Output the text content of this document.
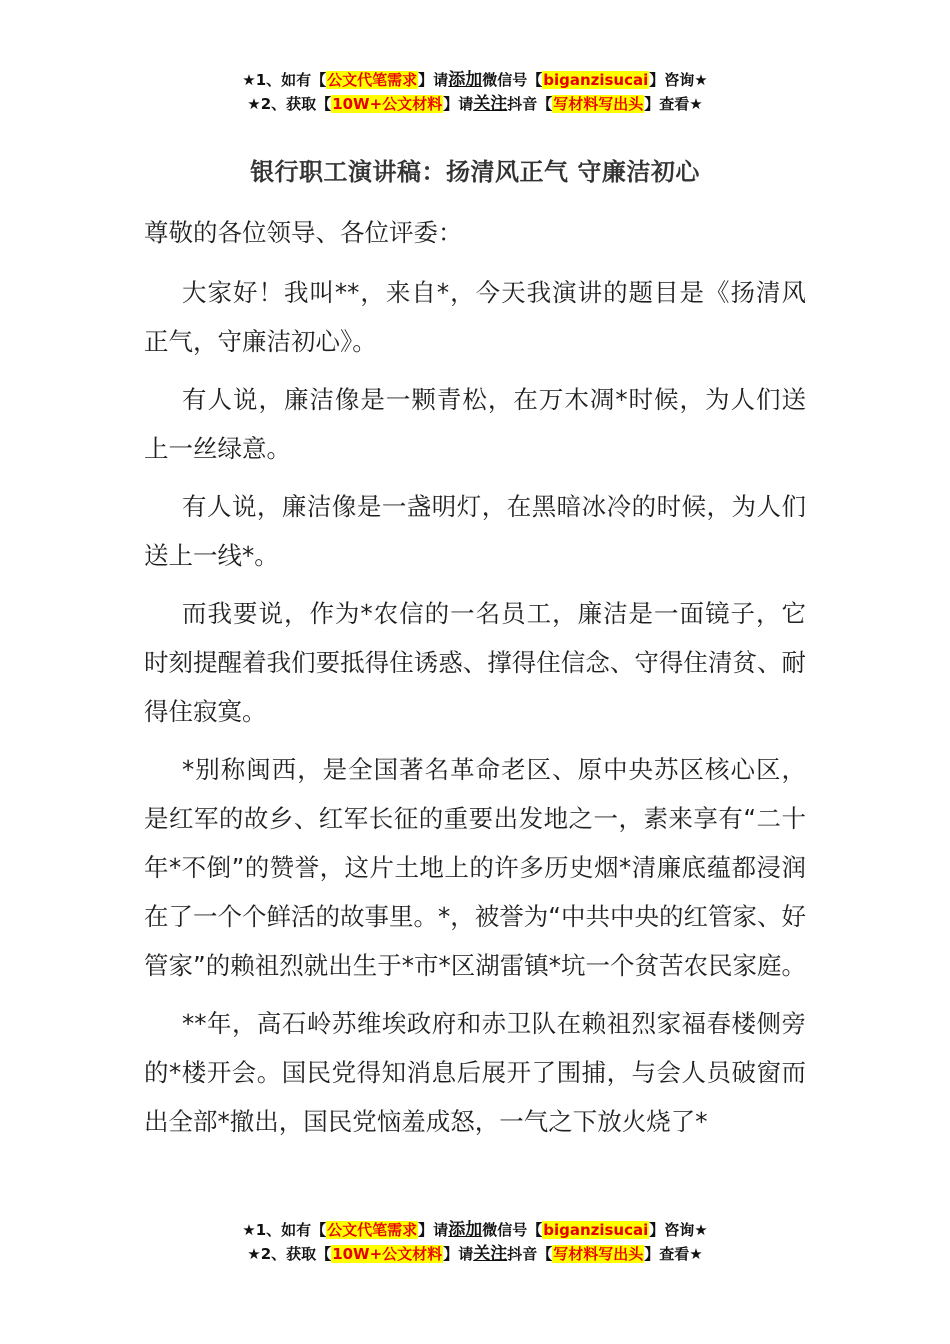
★1、如有【公文代笔需求】请添加微信号【biganzisucai】咨询★
★2、获取【10W+公文材料】请关注抖音【写材料写出头】查看★
银行职工演讲稿：扬清风正气 守廉洁初心

尊敬的各位领导、各位评委：

大家好！我叫**，来自*，今天我演讲的题目是《扬清风正气，守廉洁初心》。

有人说，廉洁像是一颗青松，在万木凋*时候，为人们送上一丝绿意。

有人说，廉洁像是一盏明灯，在黑暗冰冷的时候，为人们送上一线*。

而我要说，作为*农信的一名员工，廉洁是一面镜子，它时刻提醒着我们要抵得住诱惑、撑得住信念、守得住清贫、耐得住寂寞。

*别称闽西，是全国著名革命老区、原中央苏区核心区，是红军的故乡、红军长征的重要出发地之一，素来享有“二十年*不倒”的赞誉，这片土地上的许多历史烟*清廉底蕴都浸润在了一个个鲜活的故事里。*，被誉为“中共中央的红管家、好管家”的赖祖烈就出生于*市*区湖雷镇*坑一个贫苦农民家庭。

**年，高石岭苏维埃政府和赤卫队在赖祖烈家福春楼侧旁的*楼开会。国民党得知消息后展开了围捕，与会人员破窗而出全部*撤出，国民党恼羞成怒，一气之下放火烧了*

★1、如有【公文代笔需求】请添加微信号【biganzisucai】咨询★
★2、获取【10W+公文材料】请关注抖音【写材料写出头】查看★
